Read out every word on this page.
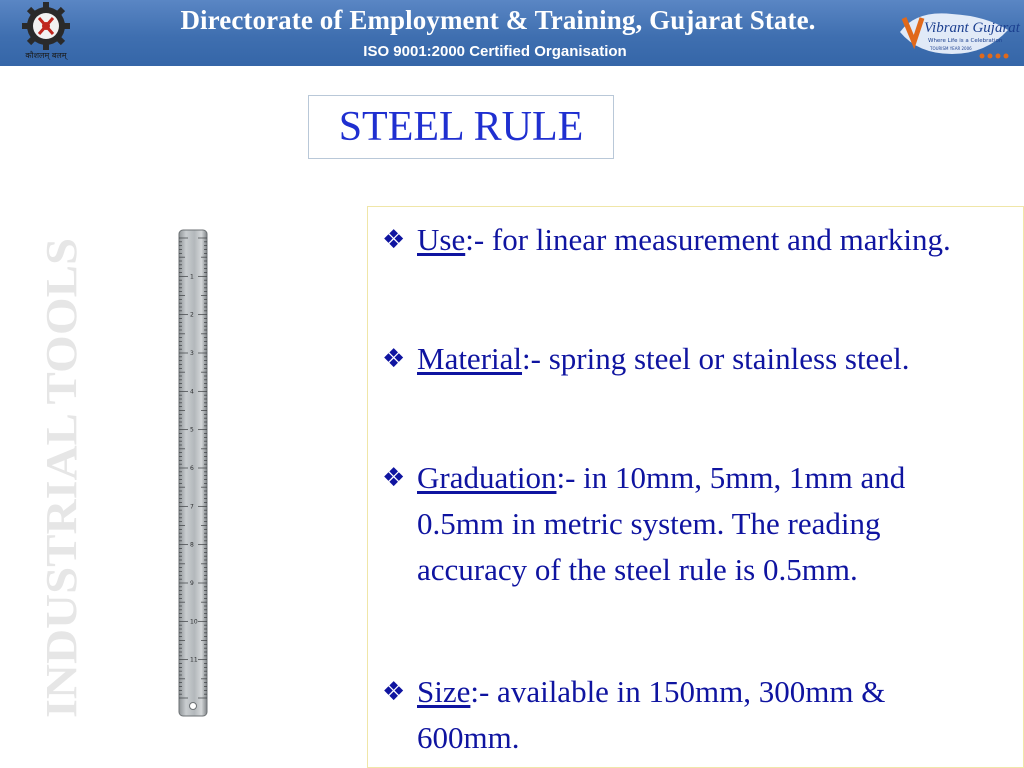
कौशलम् बलम्
Directorate of Employment & Training, Gujarat State.
ISO 9001:2000 Certified Organisation
Vibrant Gujarat
Where Life is a Celebration
TOURISM YEAR 2006
STEEL RULE
INDUSTRIAL TOOLS
1
2
3
4
5
6
7
8
9
10
11
❖ Use:- for linear measurement and marking.
❖ Material:- spring steel or stainless steel.
❖ Graduation:- in 10mm, 5mm, 1mm and 0.5mm in metric system. The reading accuracy of the steel rule is 0.5mm.
❖ Size:- available in 150mm, 300mm & 600mm.
